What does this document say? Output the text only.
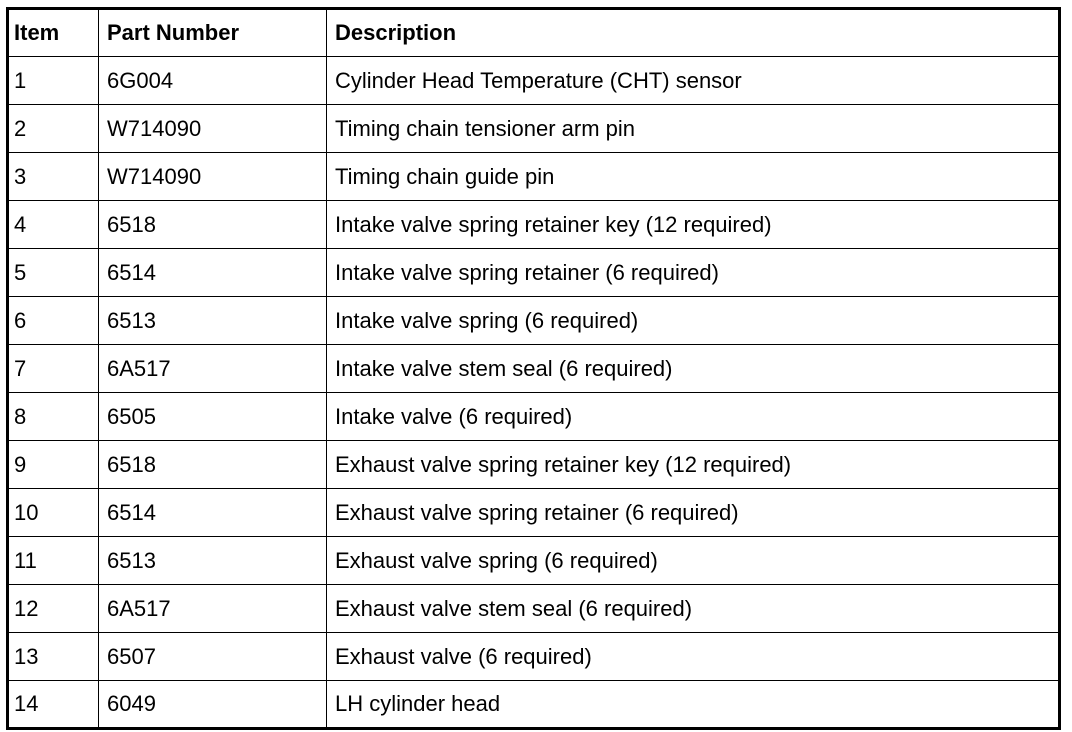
Item	Part Number	Description
1	6G004	Cylinder Head Temperature (CHT) sensor
2	W714090	Timing chain tensioner arm pin
3	W714090	Timing chain guide pin
4	6518	Intake valve spring retainer key (12 required)
5	6514	Intake valve spring retainer (6 required)
6	6513	Intake valve spring (6 required)
7	6A517	Intake valve stem seal (6 required)
8	6505	Intake valve (6 required)
9	6518	Exhaust valve spring retainer key (12 required)
10	6514	Exhaust valve spring retainer (6 required)
11	6513	Exhaust valve spring (6 required)
12	6A517	Exhaust valve stem seal (6 required)
13	6507	Exhaust valve (6 required)
14	6049	LH cylinder head
